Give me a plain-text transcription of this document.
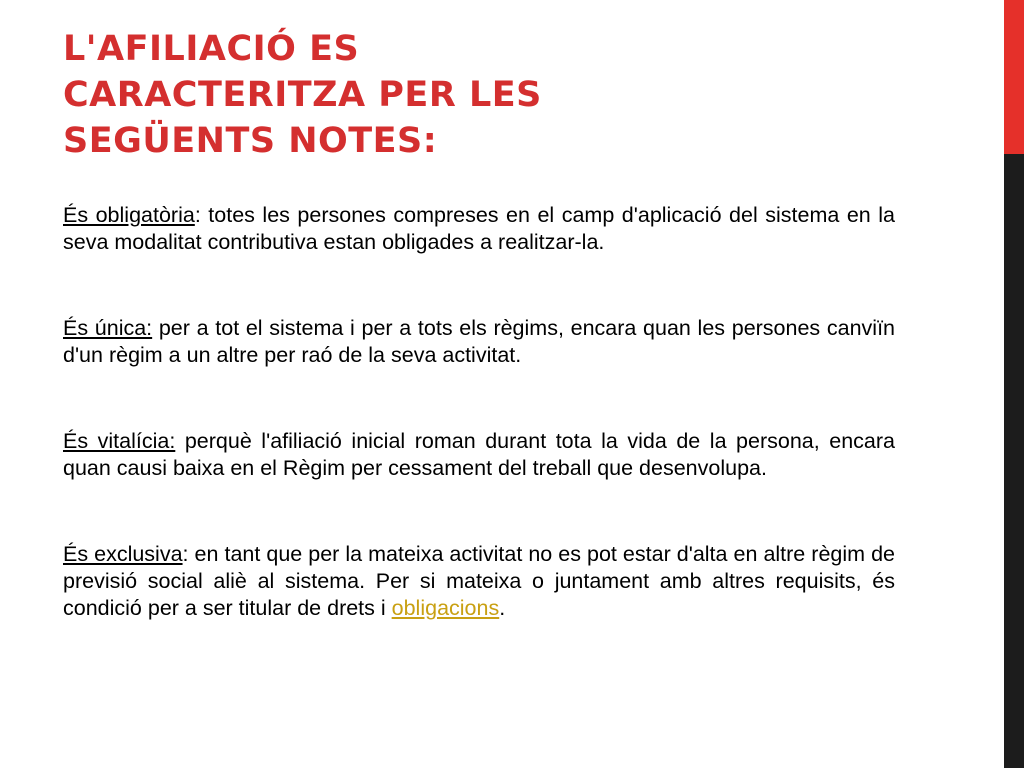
L'AFILIACIÓ ES
CARACTERITZA PER LES
SEGÜENTS NOTES:

És obligatòria: totes les persones compreses en el camp d'aplicació del sistema en la seva modalitat contributiva estan obligades a realitzar-la.

És única: per a tot el sistema i per a tots els règims, encara quan les persones canviïn d'un règim a un altre per raó de la seva activitat.

És vitalícia: perquè l'afiliació inicial roman durant tota la vida de la persona, encara quan causi baixa en el Règim per cessament del treball que desenvolupa.

És exclusiva: en tant que per la mateixa activitat no es pot estar d'alta en altre règim de previsió social aliè al sistema. Per si mateixa o juntament amb altres requisits, és condició per a ser titular de drets i obligacions.
